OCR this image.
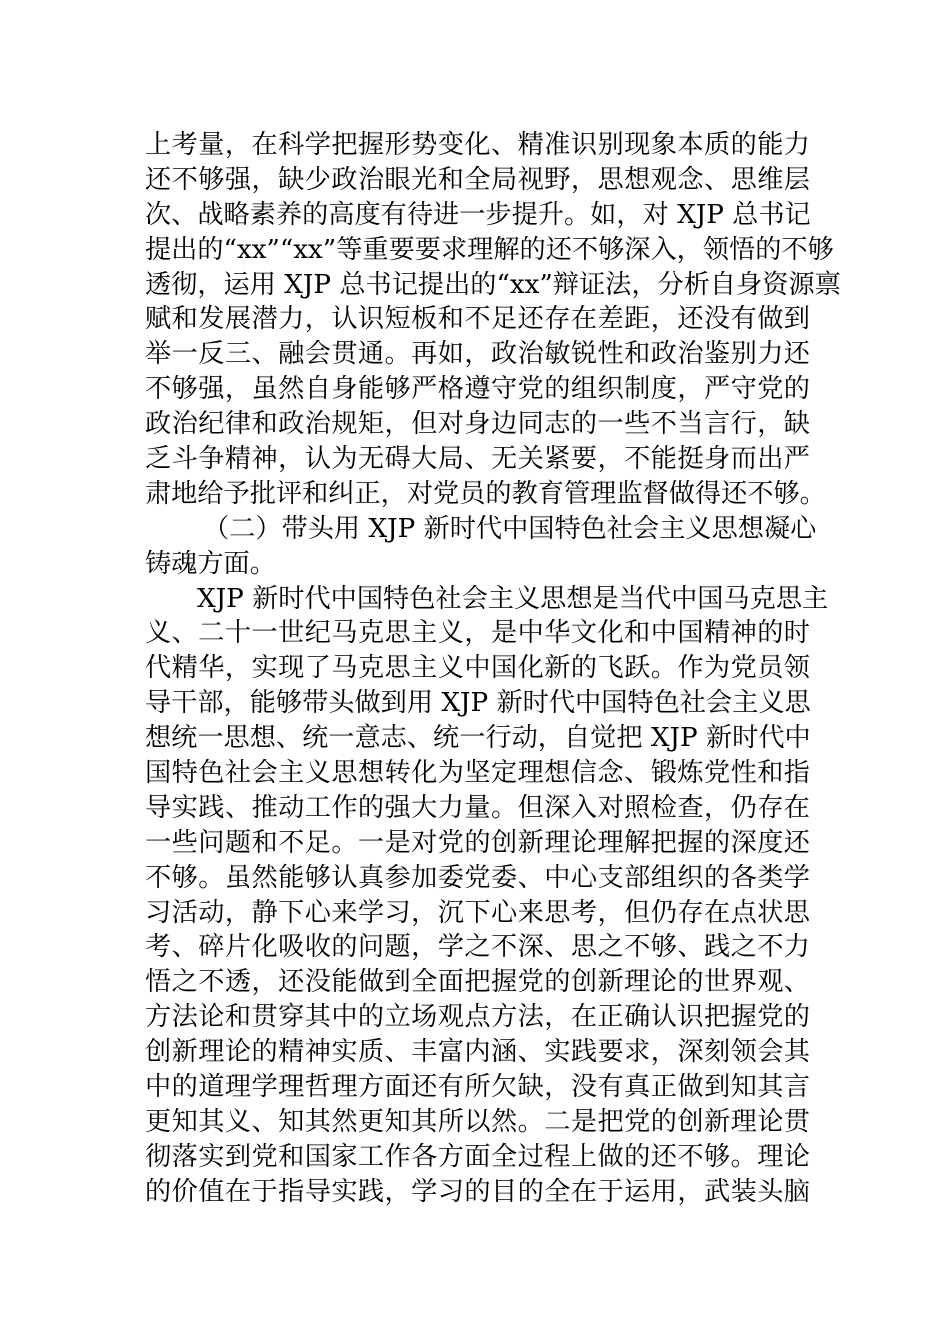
上考量，在科学把握形势变化、精准识别现象本质的能力
还不够强，缺少政治眼光和全局视野，思想观念、思维层
次、战略素养的高度有待进一步提升。如，对 XJP 总书记
提出的“xx”“xx”等重要要求理解的还不够深入，领悟的不够
透彻，运用 XJP 总书记提出的“xx”辩证法，分析自身资源禀
赋和发展潜力，认识短板和不足还存在差距，还没有做到
举一反三、融会贯通。再如，政治敏锐性和政治鉴别力还
不够强，虽然自身能够严格遵守党的组织制度，严守党的
政治纪律和政治规矩，但对身边同志的一些不当言行，缺
乏斗争精神，认为无碍大局、无关紧要，不能挺身而出严
肃地给予批评和纠正，对党员的教育管理监督做得还不够。
（二）带头用 XJP 新时代中国特色社会主义思想凝心
铸魂方面。
XJP 新时代中国特色社会主义思想是当代中国马克思主
义、二十一世纪马克思主义，是中华文化和中国精神的时
代精华，实现了马克思主义中国化新的飞跃。作为党员领
导干部，能够带头做到用 XJP 新时代中国特色社会主义思
想统一思想、统一意志、统一行动，自觉把 XJP 新时代中
国特色社会主义思想转化为坚定理想信念、锻炼党性和指
导实践、推动工作的强大力量。但深入对照检查，仍存在
一些问题和不足。一是对党的创新理论理解把握的深度还
不够。虽然能够认真参加委党委、中心支部组织的各类学
习活动，静下心来学习，沉下心来思考，但仍存在点状思
考、碎片化吸收的问题，学之不深、思之不够、践之不力
悟之不透，还没能做到全面把握党的创新理论的世界观、
方法论和贯穿其中的立场观点方法，在正确认识把握党的
创新理论的精神实质、丰富内涵、实践要求，深刻领会其
中的道理学理哲理方面还有所欠缺，没有真正做到知其言
更知其义、知其然更知其所以然。二是把党的创新理论贯
彻落实到党和国家工作各方面全过程上做的还不够。理论
的价值在于指导实践，学习的目的全在于运用，武装头脑
